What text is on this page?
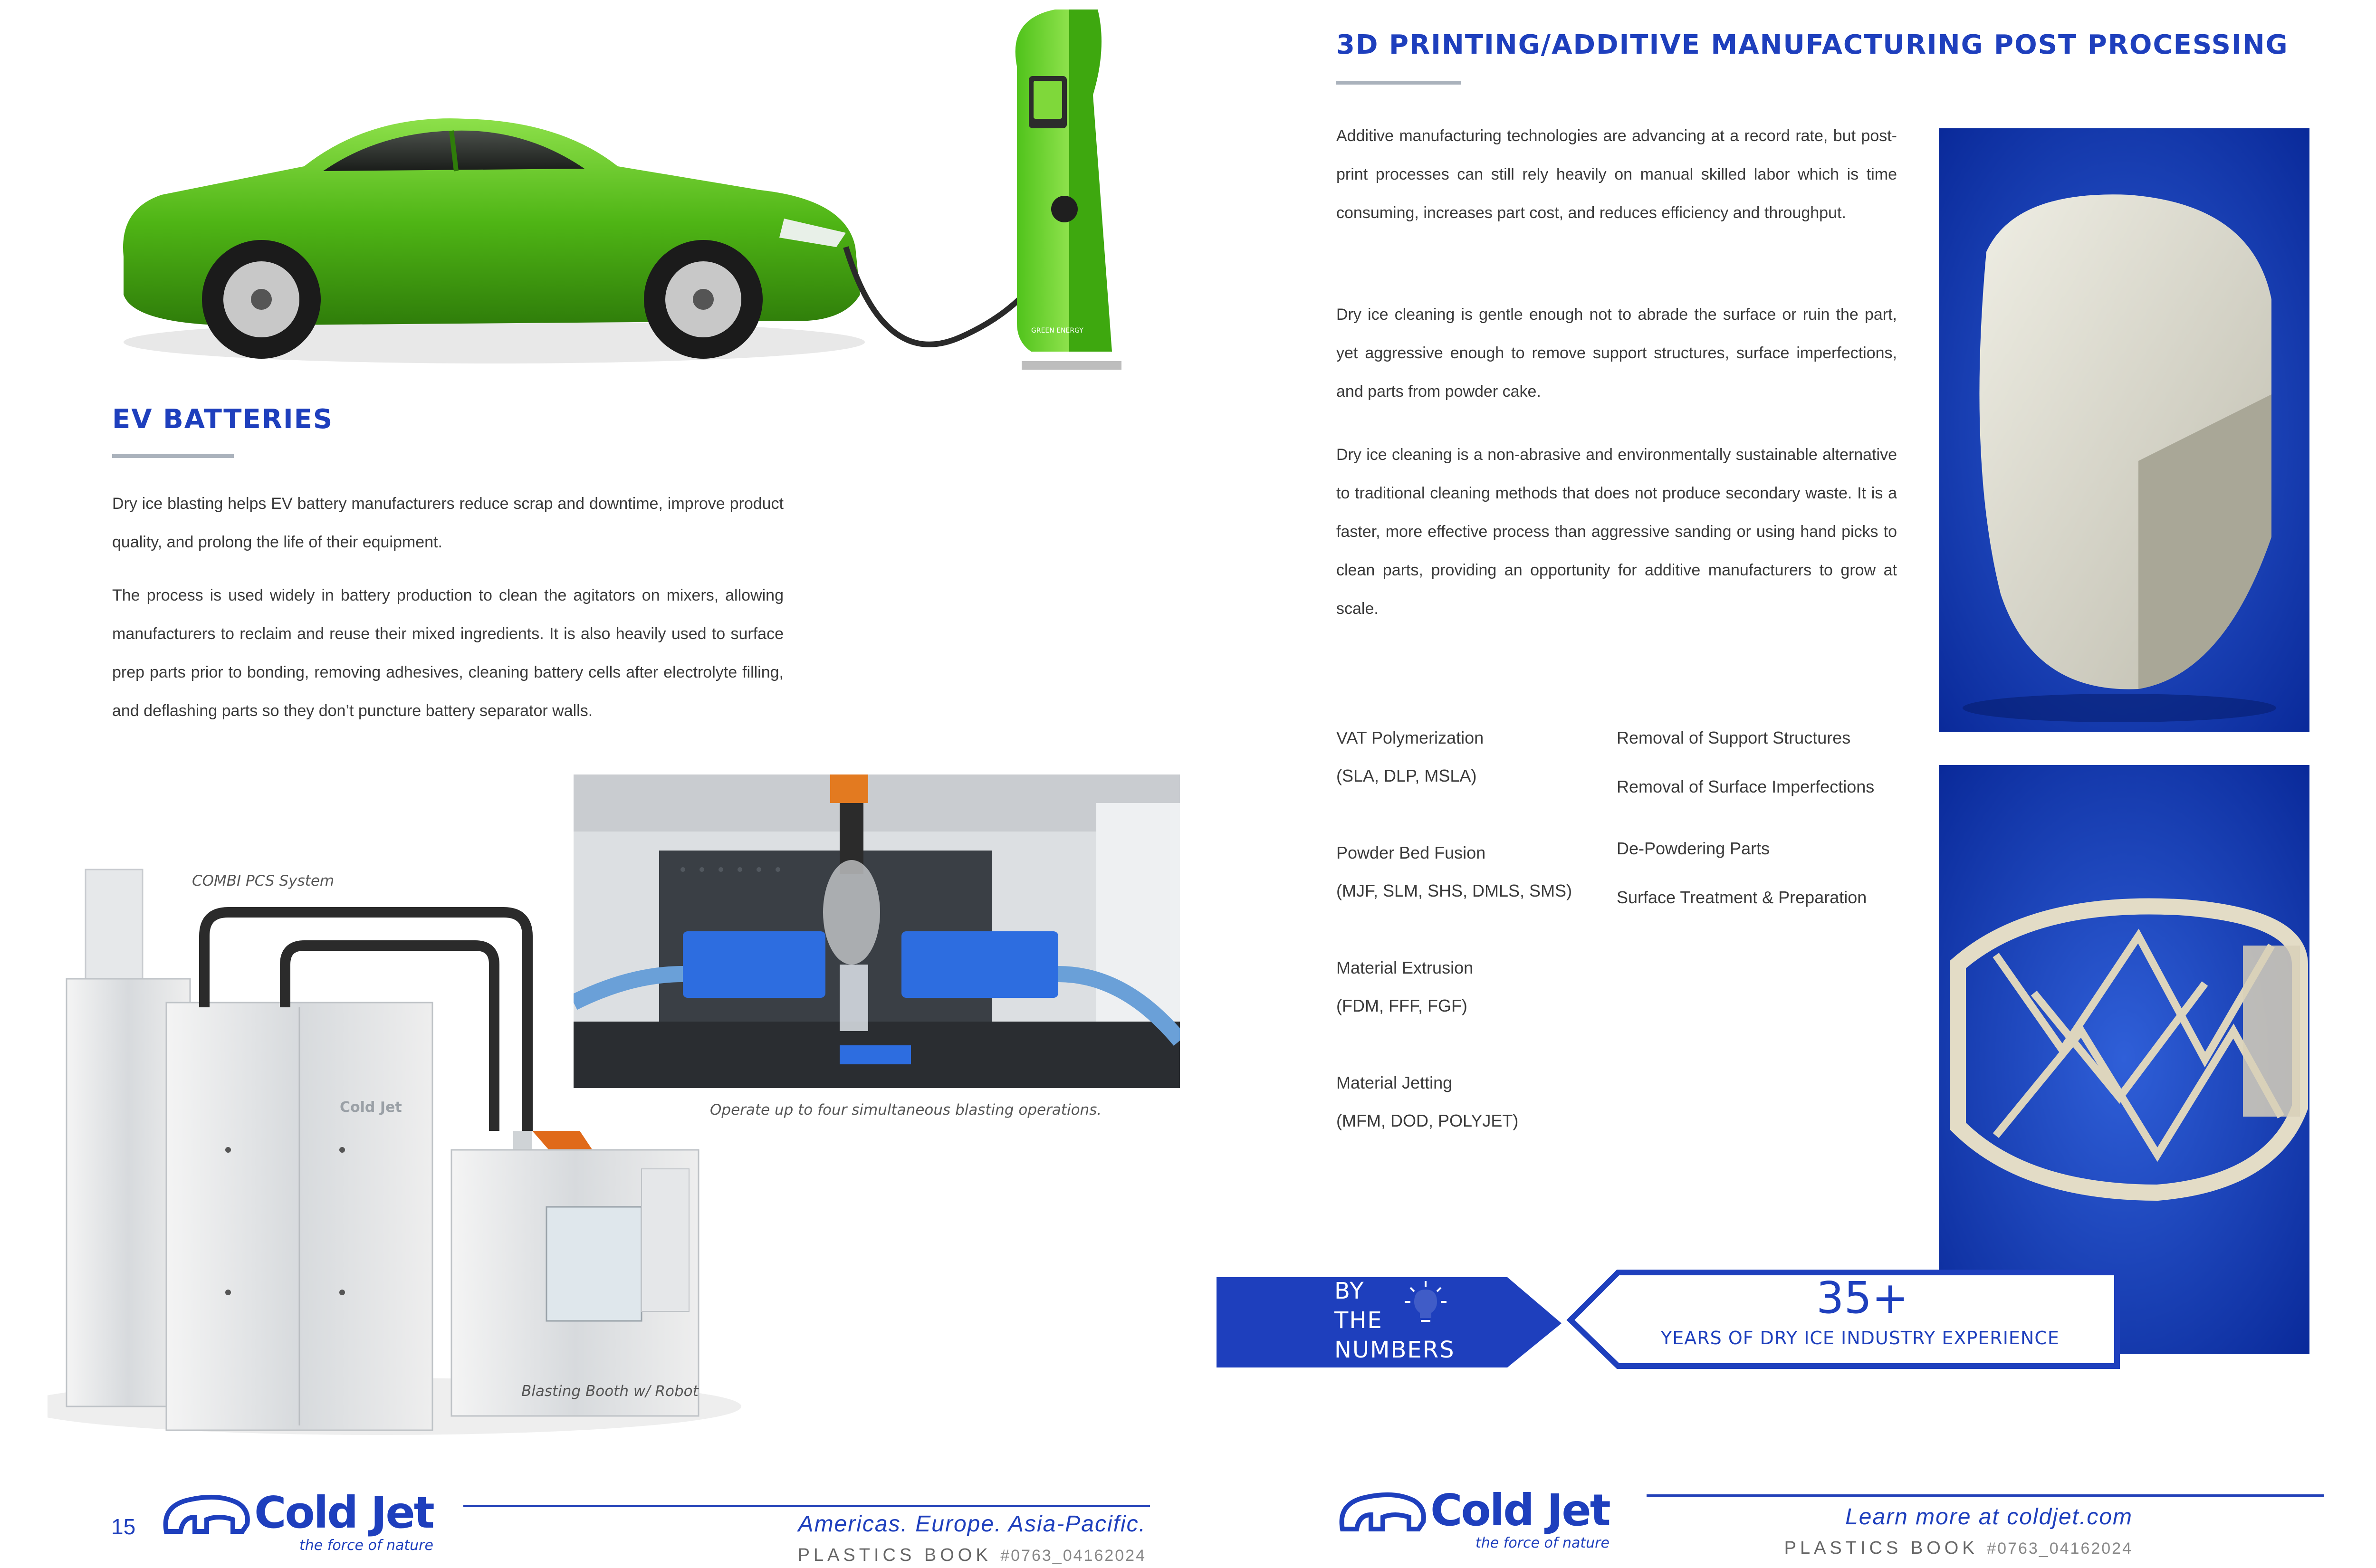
GREEN ENERGY
EV BATTERIES
Dry ice blasting helps EV battery manufacturers reduce scrap and downtime, improve product quality, and prolong the life of their equipment.
The process is used widely in battery production to clean the agitators on mixers, allowing manufacturers to reclaim and reuse their mixed ingredients. It is also heavily used to surface prep parts prior to bonding, removing adhesives, cleaning battery cells after electrolyte filling, and deflashing parts so they don’t puncture battery separator walls.
Cold Jet
COMBI PCS System
Operate up to four simultaneous blasting operations.
Blasting Booth w/ Robot
15	Cold Jet
the force of nature
Americas. Europe. Asia-Pacific.
PLASTICS BOOK #0763_04162024
3D PRINTING/ADDITIVE MANUFACTURING POST PROCESSING
Additive manufacturing technologies are advancing at a record rate, but post-print processes can still rely heavily on manual skilled labor which is time consuming, increases part cost, and reduces efficiency and throughput.
Dry ice cleaning is gentle enough not to abrade the surface or ruin the part, yet aggressive enough to remove support structures, surface imperfections, and parts from powder cake.
Dry ice cleaning is a non-abrasive and environmentally sustainable alternative to traditional cleaning methods that does not produce secondary waste. It is a faster, more effective process than aggressive sanding or using hand picks to clean parts, providing an opportunity for additive manufacturers to grow at scale.
VAT Polymerization
(SLA, DLP, MSLA)
Powder Bed Fusion
(MJF, SLM, SHS, DMLS, SMS)
Material Extrusion
(FDM, FFF, FGF)
Material Jetting
(MFM, DOD, POLYJET)
Removal of Support Structures
Removal of Surface Imperfections
De-Powdering Parts
Surface Treatment & Preparation
BY
THE
NUMBERS
35+
YEARS OF DRY ICE INDUSTRY EXPERIENCE
Cold Jet
the force of nature
Learn more at coldjet.com
PLASTICS BOOK #0763_04162024
